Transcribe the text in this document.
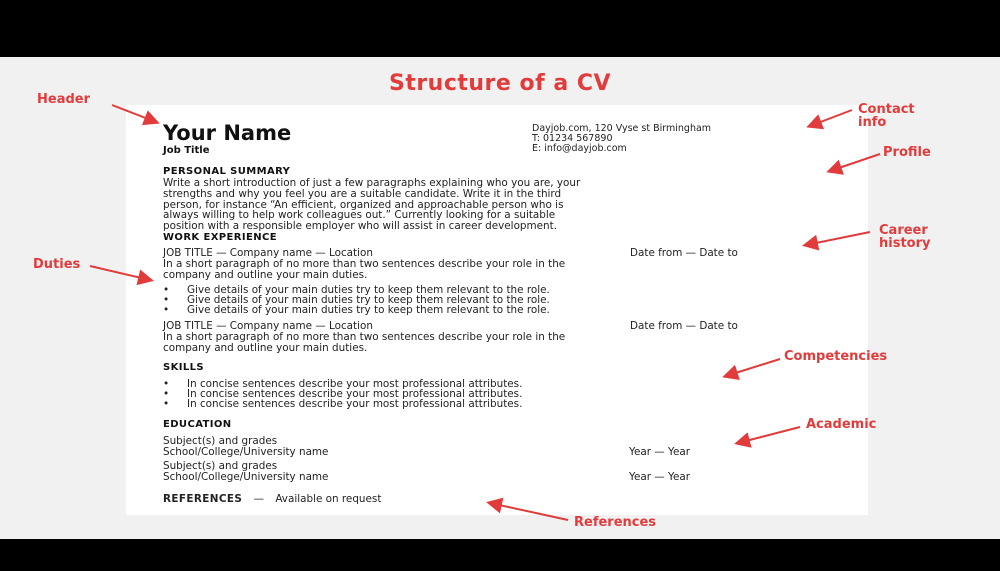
Structure of a CV
Your Name
Job Title
Dayjob.com, 120 Vyse st Birmingham
T: 01234 567890
E: info@dayjob.com
PERSONAL SUMMARY
Write a short introduction of just a few paragraphs explaining who you are, your
strengths and why you feel you are a suitable candidate. Write it in the third
person, for instance “An efficient, organized and approachable person who is
always willing to help work colleagues out.” Currently looking for a suitable
position with a responsible employer who will assist in career development.
WORK EXPERIENCE
JOB TITLE — Company name — Location	Date from — Date to
In a short paragraph of no more than two sentences describe your role in the
company and outline your main duties.
• Give details of your main duties try to keep them relevant to the role.
• Give details of your main duties try to keep them relevant to the role.
• Give details of your main duties try to keep them relevant to the role.
JOB TITLE — Company name — Location	Date from — Date to
In a short paragraph of no more than two sentences describe your role in the
company and outline your main duties.
SKILLS
• In concise sentences describe your most professional attributes.
• In concise sentences describe your most professional attributes.
• In concise sentences describe your most professional attributes.
EDUCATION
Subject(s) and grades
School/College/University name	Year — Year
Subject(s) and grades
School/College/University name	Year — Year
REFERENCES — Available on request
Header
Contact
info
Profile
Career
history
Duties
Competencies
Academic
References
